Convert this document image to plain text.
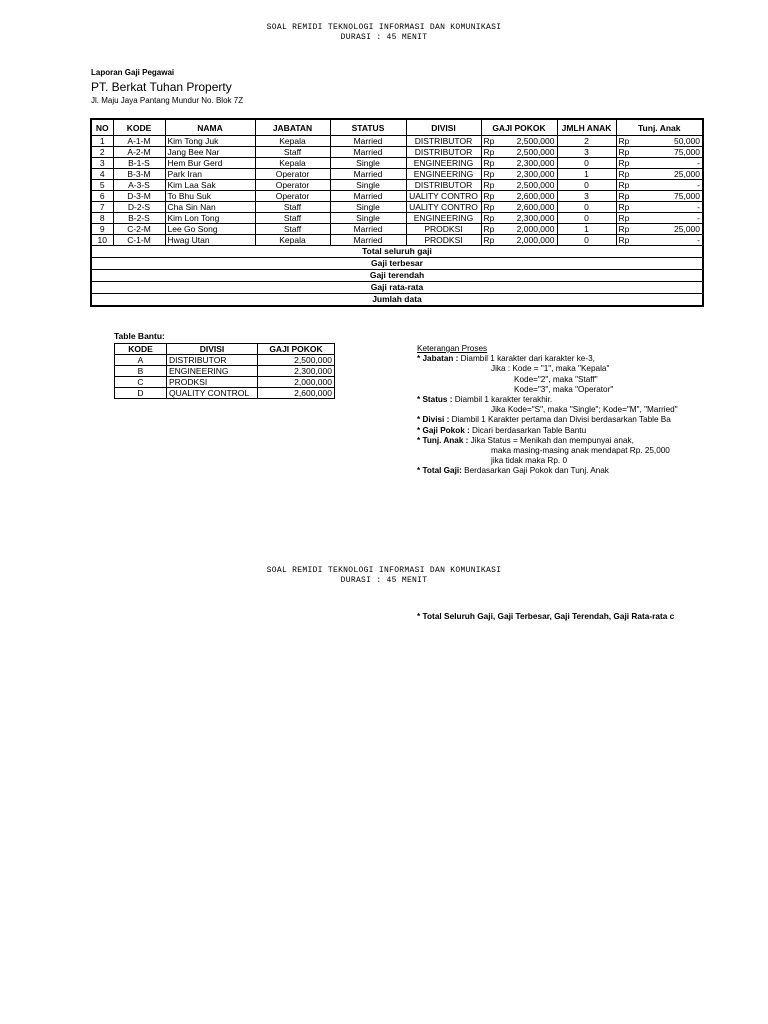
SOAL REMIDI TEKNOLOGI INFORMASI DAN KOMUNIKASI
DURASI : 45 MENIT
Laporan Gaji Pegawai
PT. Berkat Tuhan Property
Jl. Maju Jaya Pantang Mundur No. Blok 7Z
NO	KODE	NAMA	JABATAN	STATUS	DIVISI	GAJI POKOK		JMLH ANAK	Tunj. Anak	
1	A-1-M	Kim Tong Juk	Kepala	Married	DISTRIBUTOR	Rp	2,500,000	2	Rp	50,000
2	A-2-M	Jang Bee Nar	Staff	Married	DISTRIBUTOR	Rp	2,500,000	3	Rp	75,000
3	B-1-S	Hem Bur Gerd	Kepala	Single	ENGINEERING	Rp	2,300,000	0	Rp	-
4	B-3-M	Park Iran	Operator	Married	ENGINEERING	Rp	2,300,000	1	Rp	25,000
5	A-3-S	Kim Laa Sak	Operator	Single	DISTRIBUTOR	Rp	2,500,000	0	Rp	-
6	D-3-M	To Bhu Suk	Operator	Married	UALITY CONTRO	Rp	2,600,000	3	Rp	75,000
7	D-2-S	Cha Sin Nan	Staff	Single	UALITY CONTRO	Rp	2,600,000	0	Rp	-
8	B-2-S	Kim Lon Tong	Staff	Single	ENGINEERING	Rp	2,300,000	0	Rp	-
9	C-2-M	Lee Go Song	Staff	Married	PRODKSI	Rp	2,000,000	1	Rp	25,000
10	C-1-M	Hwag Utan	Kepala	Married	PRODKSI	Rp	2,000,000	0	Rp	-
Total seluruh gaji										
Gaji terbesar										
Gaji terendah										
Gaji rata-rata										
Jumlah data										
Table Bantu:
KODE	DIVISI	GAJI POKOK
A	DISTRIBUTOR	2,500,000
B	ENGINEERING	2,300,000
C	PRODKSI	2,000,000
D	QUALITY CONTROL	2,600,000
Keterangan Proses
* Jabatan : Diambil 1 karakter dari karakter ke-3,
Jika : Kode = "1", maka "Kepala"
Kode="2", maka "Staff"
Kode="3", maka "Operator"
* Status : Diambil 1 karakter terakhir.
Jika Kode="S", maka "Single"; Kode="M", "Married"
* Divisi : Diambil 1 Karakter pertama dan Divisi berdasarkan Table Ba
* Gaji Pokok : Dicari berdasarkan Table Bantu
* Tunj. Anak : Jika Status = Menikah dan mempunyai anak,
maka masing-masing anak mendapat Rp. 25,000
jika tidak maka Rp. 0
* Total Gaji: Berdasarkan Gaji Pokok dan Tunj. Anak
SOAL REMIDI TEKNOLOGI INFORMASI DAN KOMUNIKASI
DURASI : 45 MENIT
* Total Seluruh Gaji, Gaji Terbesar, Gaji Terendah, Gaji Rata-rata c
